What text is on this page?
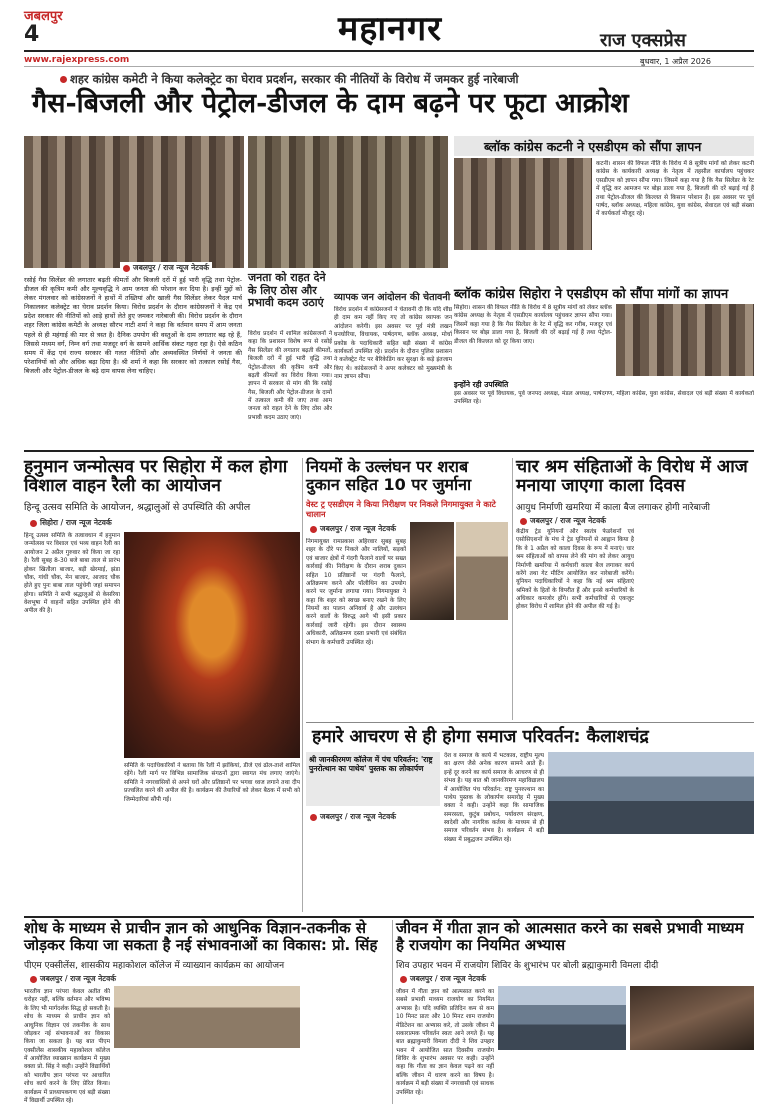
जबलपुर
4	महानगर	राज एक्सप्रेस
www.rajexpress.com	बुधवार, 1 अप्रैल 2026
शहर कांग्रेस कमेटी ने किया कलेक्ट्रेट का घेराव प्रदर्शन, सरकार की नीतियों के विरोध में जमकर हुई नारेबाजी
गैस-बिजली और पेट्रोल-डीजल के दाम बढ़ने पर फूटा आक्रोश
जबलपुर / राज न्यूज नेटवर्क
रसोई गैस सिलेंडर की लगातार बढ़ती कीमतों और बिजली दरों में हुई भारी वृद्धि तथा पेट्रोल-डीजल की कृत्रिम कमी और मूल्यवृद्धि ने आम जनता की परेशान कर दिया है। इन्हीं मुद्दों को लेकर मंगलवार को कांग्रेसजनों ने हाथों में तख्तियां और खाली गैस सिलेंडर लेकर पैदल मार्च निकालकर कलेक्ट्रेट का घेराव प्रदर्शन किया। विरोध प्रदर्शन के दौरान कांग्रेसजनों ने केंद्र एवं प्रदेश सरकार की नीतियों को आड़े हाथों लेते हुए जमकर नारेबाजी की। विरोध प्रदर्शन के दौरान शहर जिला कांग्रेस कमेटी के अध्यक्ष सौरभ नाटी शर्मा ने कहा कि वर्तमान समय में आम जनता पहले से ही महंगाई की मार से त्रस्त है। दैनिक उपयोग की वस्तुओं के दाम लगातार बढ़ रहे हैं, जिससे मध्यम वर्ग, निम्न वर्ग तथा मजदूर वर्ग के सामने आर्थिक संकट गहरा रहा है। ऐसे कठिन समय में केंद्र एवं राज्य सरकार की गलत नीतियों और अव्यवस्थित निर्णयों ने जनता की परेशानियों को और अधिक बढ़ा दिया है। श्री शर्मा ने कहा कि सरकार को तत्काल रसोई गैस, बिजली और पेट्रोल-डीजल के बढ़े दाम वापस लेना चाहिए।
जनता को राहत देने के लिए ठोस और प्रभावी कदम उठाएं
विरोध प्रदर्शन में शामिल कांग्रेसजनों ने कहा कि प्रशासन विशेष रूप से रसोई गैस सिलेंडर की लगातार बढ़ती कीमतों, बिजली दरों में हुई भारी वृद्धि तथा पेट्रोल-डीजल की कृत्रिम कमी और बढ़ती कीमतों का विरोध किया गया। ज्ञापन में सरकार से मांग की कि रसोई गैस, बिजली और पेट्रोल-डीजल के दामों में तत्काल कमी की जाए तथा आम जनता को राहत देने के लिए ठोस और प्रभावी कदम उठाए जाएं।
व्यापक जन आंदोलन की चेतावनी
विरोध प्रदर्शन में कांग्रेसजनों ने चेतावनी दी कि यदि शीघ्र ही दाम कम नहीं किए गए तो कांग्रेस व्यापक जन आंदोलन करेगी। इस अवसर पर पूर्व मंत्री लखन घनघोरिया, विधायक, पार्षदगण, ब्लॉक अध्यक्ष, मोर्चा प्रकोष्ठ के पदाधिकारी सहित बड़ी संख्या में कांग्रेस कार्यकर्ता उपस्थित रहे। प्रदर्शन के दौरान पुलिस प्रशासन ने कलेक्ट्रेट गेट पर बैरिकेडिंग कर सुरक्षा के कड़े इंतजाम किए थे। कांग्रेसजनों ने अपर कलेक्टर को मुख्यमंत्री के नाम ज्ञापन सौंपा।
ब्लॉक कांग्रेस कटनी ने एसडीएम को सौंपा ज्ञापन
कटनी। शासन की विफल नीति के विरोध में 8 सूत्रीय मांगों को लेकर कटनी कांग्रेस के कार्यकारी अध्यक्ष के नेतृत्व में तहसील कार्यालय पहुंचकर एसडीएम को ज्ञापन सौंपा गया। जिसमें कहा गया है कि गैस सिलेंडर के रेट में वृद्धि कर आमजन पर बोझ डाला गया है, बिजली की दरें बढ़ाई गई हैं तथा पेट्रोल-डीजल की किल्लत से किसान परेशान हैं। इस अवसर पर पूर्व पार्षद, ब्लॉक अध्यक्ष, महिला कांग्रेस, युवा कांग्रेस, सेवादल एवं बड़ी संख्या में कार्यकर्ता मौजूद रहे।
ब्लॉक कांग्रेस सिहोरा ने एसडीएम को सौंपा मांगों का ज्ञापन
सिहोरा। शासन की विफल नीति के विरोध में 8 सूत्रीय मांगों को लेकर ब्लॉक कांग्रेस अध्यक्ष के नेतृत्व में एसडीएम कार्यालय पहुंचकर ज्ञापन सौंपा गया। जिसमें कहा गया है कि गैस सिलेंडर के रेट में वृद्धि कर गरीब, मजदूर एवं किसान पर बोझ डाला गया है, बिजली की दरें बढ़ाई गई हैं तथा पेट्रोल-डीजल की किल्लत को दूर किया जाए।
इन्होंने रही उपस्थिति
इस अवसर पर पूर्व विधायक, पूर्व जनपद अध्यक्ष, मंडल अध्यक्ष, पार्षदगण, महिला कांग्रेस, युवा कांग्रेस, सेवादल एवं बड़ी संख्या में कार्यकर्ता उपस्थित रहे।
हनुमान जन्मोत्सव पर सिहोरा में कल होगा विशाल वाहन रैली का आयोजन
हिन्दू उत्सव समिति के आयोजन, श्रद्धालुओं से उपस्थिति की अपील
सिहोरा / राज न्यूज नेटवर्क
हिन्दू उत्सव समिति के तत्वावधान में हनुमान जन्मोत्सव पर विशाल एवं भव्य वाहन रैली का आयोजन 2 अप्रैल गुरुवार को किया जा रहा है। रैली सुबह 8-30 बजे बाबा ताल से प्रारंभ होकर खितौला बाजार, बड़ी खेरमाई, झंडा चौक, गांधी चौक, मेन बाजार, आजाद चौक होते हुए पुनः बाबा ताल पहुंचेगी जहां समापन होगा। समिति ने सभी श्रद्धालुओं से केसरिया वेशभूषा में वाहनों सहित उपस्थित होने की अपील की है।
समिति के पदाधिकारियों ने बताया कि रैली में झांकियां, डीजे एवं ढोल-ताशे शामिल रहेंगे। रैली मार्ग पर विभिन्न सामाजिक संगठनों द्वारा स्वागत मंच लगाए जाएंगे। समिति ने नगरवासियों से अपने घरों और प्रतिष्ठानों पर भगवा ध्वज लगाने तथा दीप प्रज्वलित करने की अपील की है। कार्यक्रम की तैयारियों को लेकर बैठक में सभी को जिम्मेदारियां सौंपी गईं।
नियमों के उल्लंघन पर शराब दुकान सहित 10 पर जुर्माना
वेस्ट ट्र एसडीएम ने किया निरीक्षण पर निकले निगमायुक्त ने काटे चालान
जबलपुर / राज न्यूज नेटवर्क
निगमायुक्त रामप्रकाश अहिरवार सुबह सुबह शहर के दौरे पर निकले और नालियों, सड़कों एवं बाजार क्षेत्रों में गंदगी फैलाने वालों पर सख्त कार्रवाई की। निरीक्षण के दौरान शराब दुकान सहित 10 प्रतिष्ठानों पर गंदगी फैलाने, अतिक्रमण करने और पॉलीथिन का उपयोग करने पर जुर्माना लगाया गया। निगमायुक्त ने कहा कि शहर को स्वच्छ बनाए रखने के लिए नियमों का पालन अनिवार्य है और उल्लंघन करने वालों के विरुद्ध आगे भी इसी प्रकार कार्रवाई जारी रहेगी। इस दौरान स्वास्थ्य अधिकारी, अतिक्रमण दस्ता प्रभारी एवं संबंधित संभाग के कर्मचारी उपस्थित रहे।
चार श्रम संहिताओं के विरोध में आज मनाया जाएगा काला दिवस
आयुध निर्माणी खमरिया में काला बैज लगाकर होगी नारेबाजी
जबलपुर / राज न्यूज नेटवर्क
केंद्रीय ट्रेड यूनियनों और स्वतंत्र फेडरेशनों एवं एसोसिएशनों के मंच ने ट्रेड यूनियनों से आह्वान किया है कि वे 1 अप्रैल को काला दिवस के रूप में मनाएं। चार श्रम संहिताओं को वापस लेने की मांग को लेकर आयुध निर्माणी खमरिया में कर्मचारी काला बैज लगाकर कार्य करेंगे तथा गेट मीटिंग आयोजित कर नारेबाजी करेंगे। यूनियन पदाधिकारियों ने कहा कि नई श्रम संहिताएं श्रमिकों के हितों के विपरीत हैं और इनसे कर्मचारियों के अधिकार कमजोर होंगे। सभी कर्मचारियों से एकजुट होकर विरोध में शामिल होने की अपील की गई है।
हमारे आचरण से ही होगा समाज परिवर्तन: कैलाशचंद्र
श्री जानकीरमण कॉलेज में पंच परिवर्तन: 'राष्ट्र पुनरोत्थान का पाथेय' पुस्तक का लोकार्पण
जबलपुर / राज न्यूज नेटवर्क
देश व समाज के कार्य में भटकाव, राष्ट्रीय मूल्य का क्षरण जैसे अनेक कारण सामने आते हैं। इन्हें दूर करने का कार्य समाज के आचरण से ही संभव है। यह बात श्री जानकीरमण महाविद्यालय में आयोजित पंच परिवर्तन: राष्ट्र पुनरुत्थान का पाथेय पुस्तक के लोकार्पण समारोह में मुख्य वक्ता ने कही। उन्होंने कहा कि सामाजिक समरसता, कुटुंब प्रबोधन, पर्यावरण संरक्षण, स्वदेशी और नागरिक कर्तव्य के माध्यम से ही समाज परिवर्तन संभव है। कार्यक्रम में बड़ी संख्या में प्रबुद्धजन उपस्थित रहे।
शोध के माध्यम से प्राचीन ज्ञान को आधुनिक विज्ञान-तकनीक से जोड़कर किया जा सकता है नई संभावनाओं का विकास: प्रो. सिंह
पीएम एक्सीलेंस, शासकीय महाकोशल कॉलेज में व्याख्यान कार्यक्रम का आयोजन
जबलपुर / राज न्यूज नेटवर्क
भारतीय ज्ञान परंपरा केवल अतीत की धरोहर नहीं, बल्कि वर्तमान और भविष्य के लिए भी मार्गदर्शक सिद्ध हो सकती है। शोध के माध्यम से प्राचीन ज्ञान को आधुनिक विज्ञान एवं तकनीक के साथ जोड़कर नई संभावनाओं का विकास किया जा सकता है। यह बात पीएम एक्सीलेंस शासकीय महाकोशल कॉलेज में आयोजित व्याख्यान कार्यक्रम में मुख्य वक्ता प्रो. सिंह ने कही। उन्होंने विद्यार्थियों को भारतीय ज्ञान परंपरा पर आधारित शोध कार्य करने के लिए प्रेरित किया। कार्यक्रम में प्राध्यापकगण एवं बड़ी संख्या में विद्यार्थी उपस्थित रहे।
जीवन में गीता ज्ञान को आत्मसात करने का सबसे प्रभावी माध्यम है राजयोग का नियमित अभ्यास
शिव उपहार भवन में राजयोग शिविर के शुभारंभ पर बोली ब्रह्माकुमारी विमला दीदी
जबलपुर / राज न्यूज नेटवर्क
जीवन में गीता ज्ञान को आत्मसात करने का सबसे प्रभावी माध्यम राजयोग का नियमित अभ्यास है। यदि व्यक्ति प्रतिदिन कम से कम 10 मिनट प्रातः और 10 मिनट शाम राजयोग मेडिटेशन का अभ्यास करे, तो उसके जीवन में सकारात्मक परिवर्तन स्वतः आने लगते हैं। यह बात ब्रह्माकुमारी विमला दीदी ने शिव उपहार भवन में आयोजित सात दिवसीय राजयोग शिविर के शुभारंभ अवसर पर कही। उन्होंने कहा कि गीता का ज्ञान केवल पढ़ने का नहीं बल्कि जीवन में धारण करने का विषय है। कार्यक्रम में बड़ी संख्या में नगरवासी एवं साधक उपस्थित रहे।
